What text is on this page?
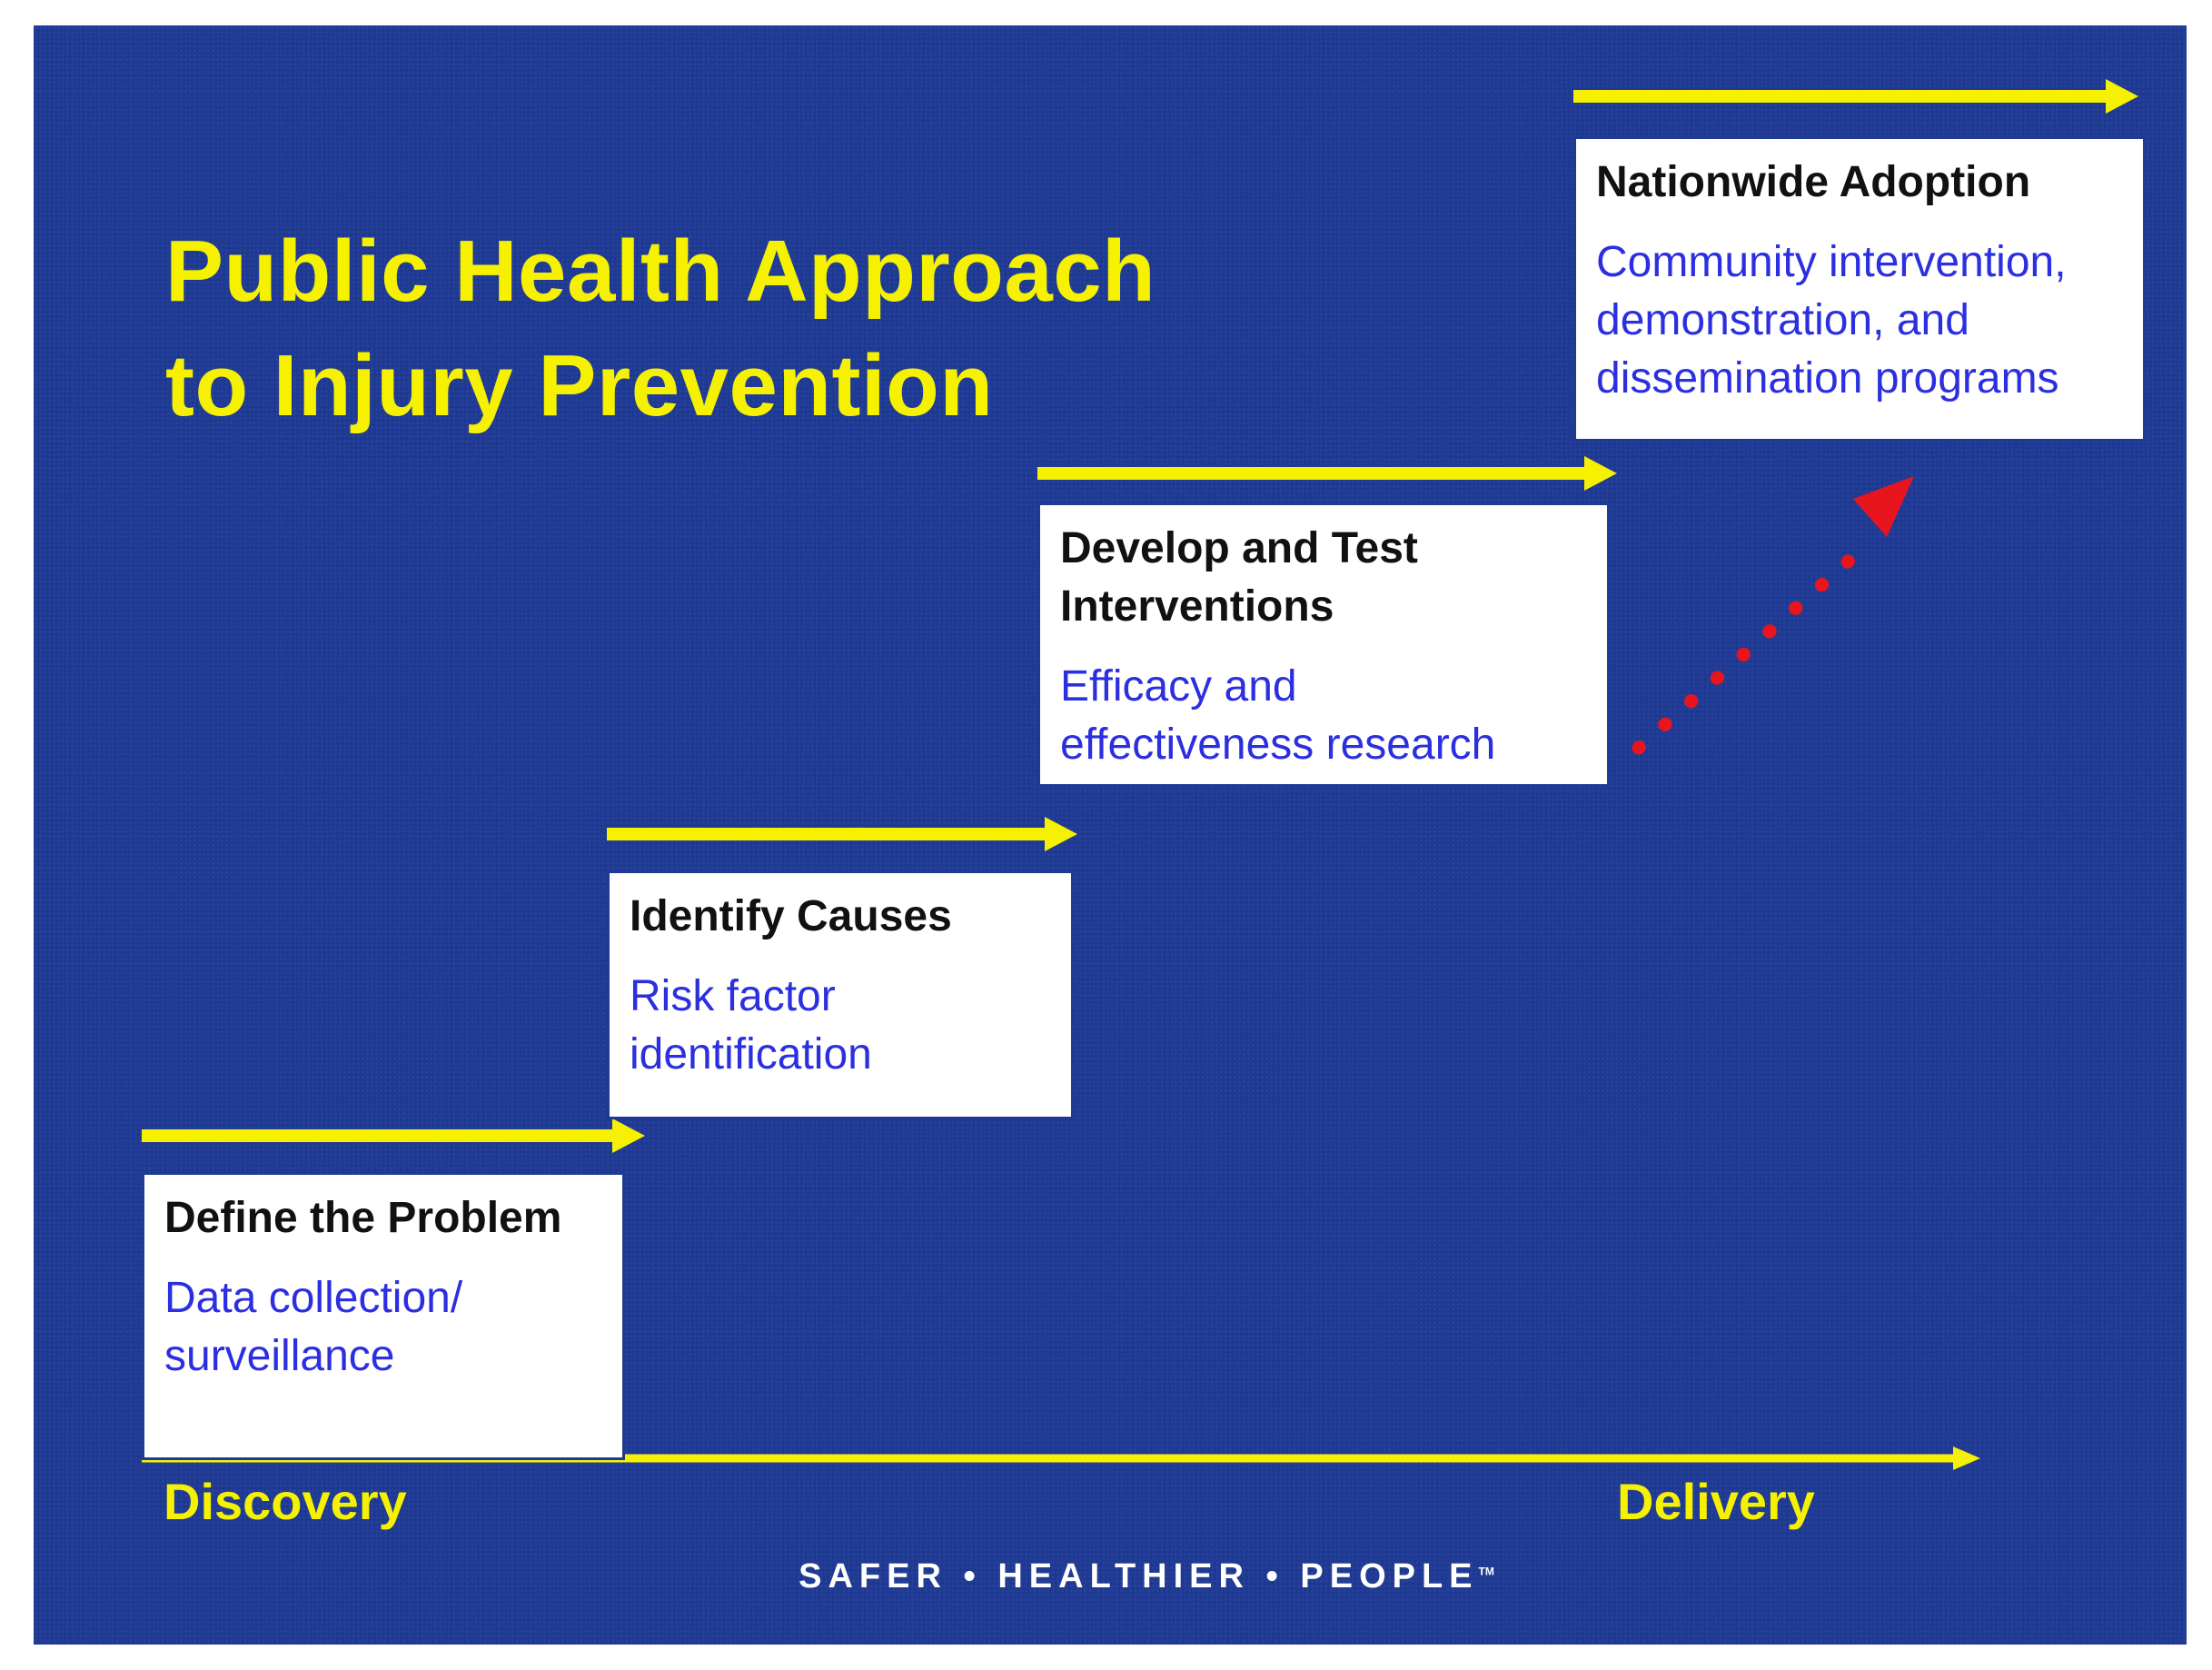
Public Health Approach
to Injury Prevention

Define the Problem

Data collection/
surveillance

Identify Causes

Risk factor
identification

Develop and Test
Interventions

Efficacy and
effectiveness research

Nationwide Adoption

Community intervention,
demonstration, and
dissemination programs

Discovery	Delivery
SAFER • HEALTHIER • PEOPLE™
